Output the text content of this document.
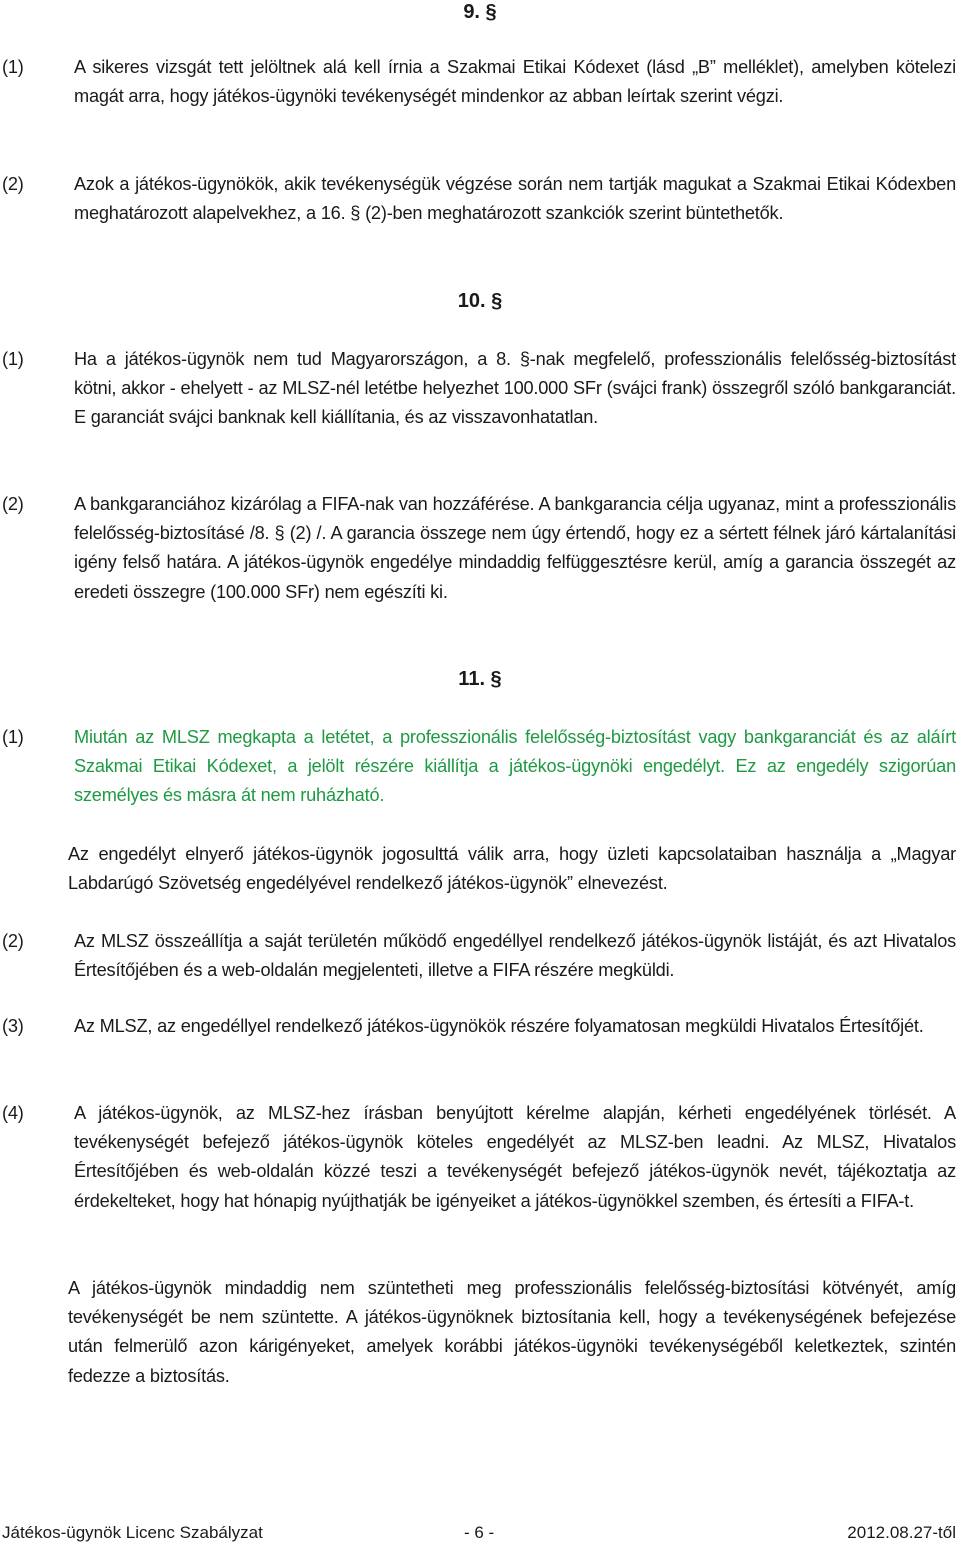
9. §
(1)	A sikeres vizsgát tett jelöltnek alá kell írnia a Szakmai Etikai Kódexet (lásd „B” melléklet), amelyben kötelezi magát arra, hogy játékos-ügynöki tevékenységét mindenkor az abban leírtak szerint végzi.
(2)	Azok a játékos-ügynökök, akik tevékenységük végzése során nem tartják magukat a Szakmai Etikai Kódexben meghatározott alapelvekhez, a 16. § (2)-ben meghatározott szankciók szerint büntethetők.
10. §
(1)	Ha a játékos-ügynök nem tud Magyarországon, a 8. §-nak megfelelő, professzionális felelősség-biztosítást kötni, akkor - ehelyett - az MLSZ-nél letétbe helyezhet 100.000 SFr (svájci frank) összegről szóló bankgaranciát. E garanciát svájci banknak kell kiállítania, és az visszavonhatatlan.
(2)	A bankgaranciához kizárólag a FIFA-nak van hozzáférése. A bankgarancia célja ugyanaz, mint a professzionális felelősség-biztosításé /8. § (2) /. A garancia összege nem úgy értendő, hogy ez a sértett félnek járó kártalanítási igény felső határa. A játékos-ügynök engedélye mindaddig felfüggesztésre kerül, amíg a garancia összegét az eredeti összegre (100.000 SFr) nem egészíti ki.
11. §
(1)	Miután az MLSZ megkapta a letétet, a professzionális felelősség-biztosítást vagy bankgaranciát és az aláírt Szakmai Etikai Kódexet, a jelölt részére kiállítja a játékos-ügynöki engedélyt. Ez az engedély szigorúan személyes és másra át nem ruházható.
Az engedélyt elnyerő játékos-ügynök jogosulttá válik arra, hogy üzleti kapcsolataiban használja a „Magyar Labdarúgó Szövetség engedélyével rendelkező játékos-ügynök” elnevezést.
(2)	Az MLSZ összeállítja a saját területén működő engedéllyel rendelkező játékos-ügynök listáját, és azt Hivatalos Értesítőjében és a web-oldalán megjelenteti, illetve a FIFA részére megküldi.
(3)	Az MLSZ, az engedéllyel rendelkező játékos-ügynökök részére folyamatosan megküldi Hivatalos Értesítőjét.
(4)	A játékos-ügynök, az MLSZ-hez írásban benyújtott kérelme alapján, kérheti engedélyének törlését. A tevékenységét befejező játékos-ügynök köteles engedélyét az MLSZ-ben leadni. Az MLSZ, Hivatalos Értesítőjében és web-oldalán közzé teszi a tevékenységét befejező játékos-ügynök nevét, tájékoztatja az érdekelteket, hogy hat hónapig nyújthatják be igényeiket a játékos-ügynökkel szemben, és értesíti a FIFA-t.
A játékos-ügynök mindaddig nem szüntetheti meg professzionális felelősség-biztosítási kötvényét, amíg tevékenységét be nem szüntette. A játékos-ügynöknek biztosítania kell, hogy a tevékenységének befejezése után felmerülő azon kárigényeket, amelyek korábbi játékos-ügynöki tevékenységéből keletkeztek, szintén fedezze a biztosítás.
Játékos-ügynök Licenc Szabályzat	- 6 -	2012.08.27-től
